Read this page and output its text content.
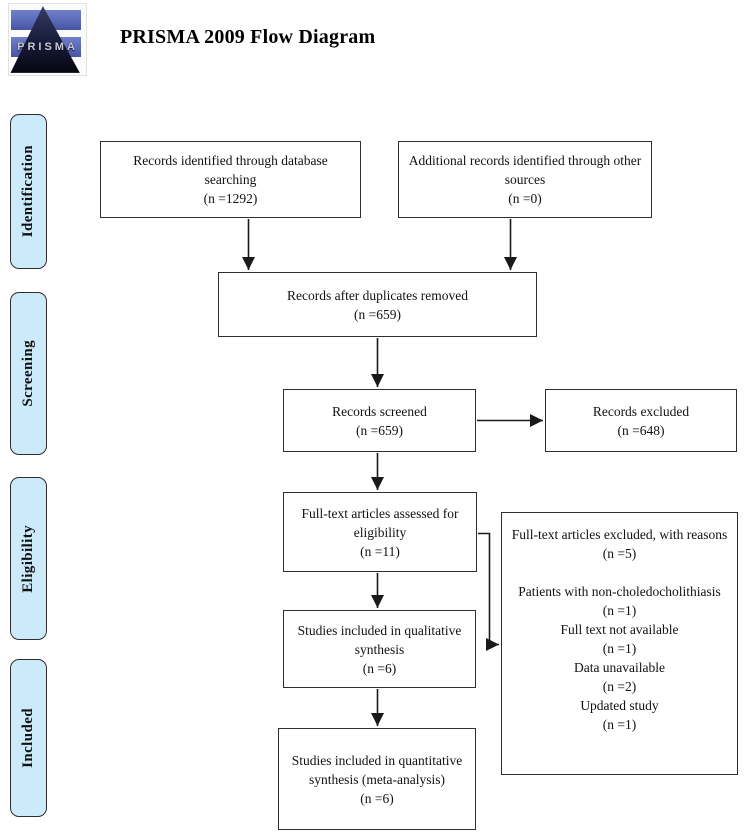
PRISMA	PRISMA 2009 Flow Diagram
Identification
Screening
Eligibility
Included
Records identified through database searching
(n =1292)
Additional records identified through other sources
(n =0)
Records after duplicates removed
(n =659)
Records screened
(n =659)
Records excluded
(n =648)
Full-text articles assessed for eligibility
(n =11)
Full-text articles excluded, with reasons
(n =5)
Patients with non-choledocholithiasis
(n =1)
Full text not available
(n =1)
Data unavailable
(n =2)
Updated study
(n =1)
Studies included in qualitative synthesis
(n =6)
Studies included in quantitative synthesis (meta-analysis)
(n =6)
